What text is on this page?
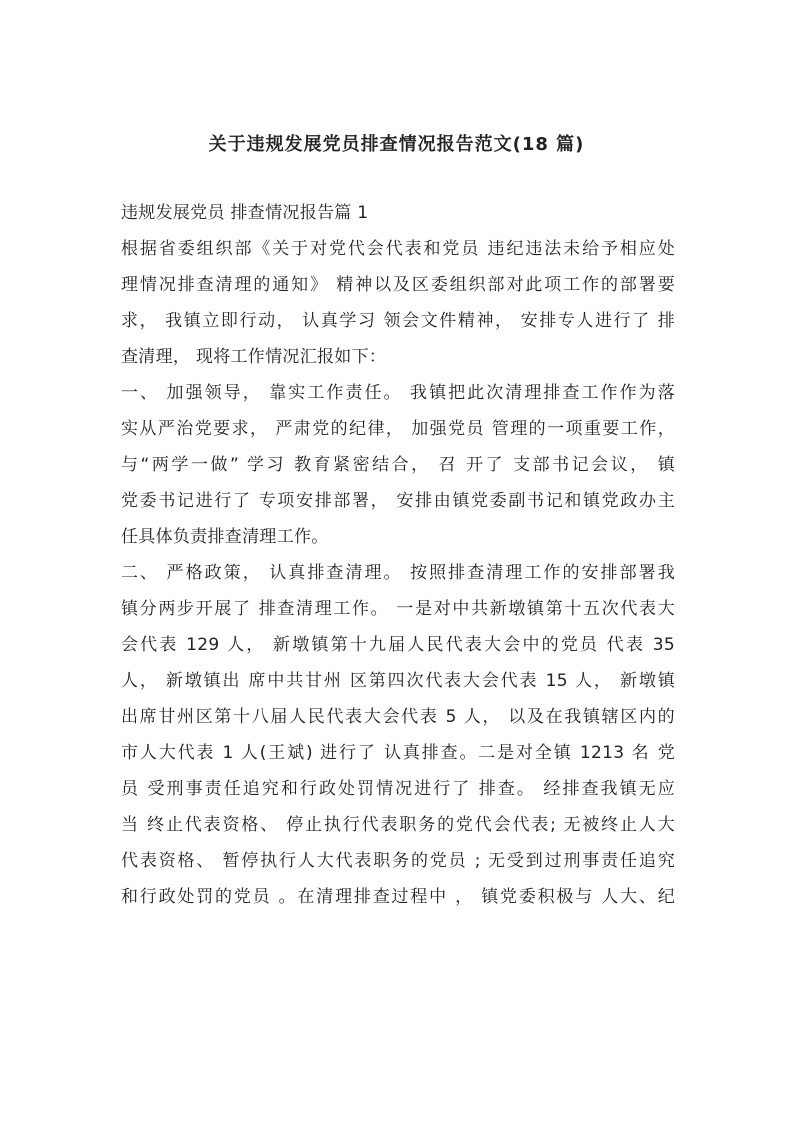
关于违规发展党员排查情况报告范文(18 篇)
违规发展党员 排查情况报告篇 1
根据省委组织部《关于对党代会代表和党员 违纪违法未给予相应处
理情况排查清理的通知》 精神以及区委组织部对此项工作的部署要
求， 我镇立即行动， 认真学习 领会文件精神， 安排专人进行了 排
查清理， 现将工作情况汇报如下：
一、 加强领导， 靠实工作责任。 我镇把此次清理排查工作作为落
实从严治党要求， 严肃党的纪律， 加强党员 管理的一项重要工作，
与“两学一做” 学习 教育紧密结合， 召 开了 支部书记会议， 镇
党委书记进行了 专项安排部署， 安排由镇党委副书记和镇党政办主
任具体负责排查清理工作。
二、 严格政策， 认真排查清理。 按照排查清理工作的安排部署我
镇分两步开展了 排查清理工作。 一是对中共新墩镇第十五次代表大
会代表 129 人， 新墩镇第十九届人民代表大会中的党员 代表 35
人， 新墩镇出 席中共甘州 区第四次代表大会代表 15 人， 新墩镇
出席甘州区第十八届人民代表大会代表 5 人， 以及在我镇辖区内的
市人大代表 1 人(王斌) 进行了 认真排查。二是对全镇 1213 名 党
员 受刑事责任追究和行政处罚情况进行了 排查。 经排查我镇无应
当 终止代表资格、 停止执行代表职务的党代会代表; 无被终止人大
代表资格、 暂停执行人大代表职务的党员 ; 无受到过刑事责任追究
和行政处罚的党员 。在清理排查过程中 ， 镇党委积极与 人大、纪
